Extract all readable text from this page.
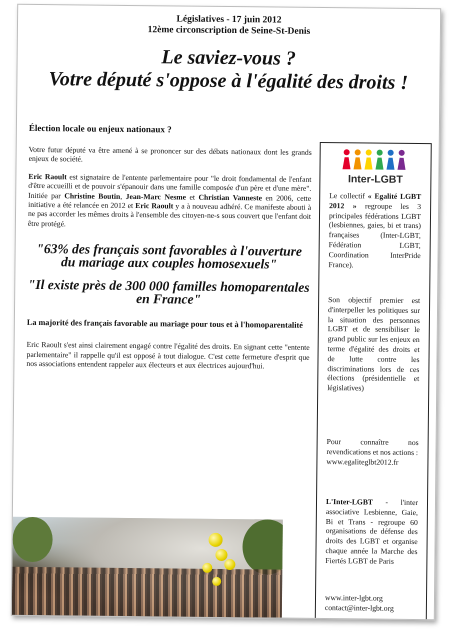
Législatives - 17 juin 2012
12ème circonscription de Seine-St-Denis
Le saviez-vous ?
Votre député s'oppose à l'égalité des droits !
Élection locale ou enjeux nationaux ?

Votre futur député va être amené à se prononcer sur des débats nationaux dont les grands enjeux de société.

Eric Raoult est signataire de l'entente parlementaire pour "le droit fondamental de l'enfant d'être accueilli et de pouvoir s'épanouir dans une famille composée d'un père et d'une mère". Initiée par Christine Boutin, Jean-Marc Nesme et Christian Vanneste en 2006, cette initiative a été relancée en 2012 et Eric Raoult y a à nouveau adhéré. Ce manifeste abouti à ne pas accorder les mêmes droits à l'ensemble des citoyen-ne-s sous couvert que l'enfant doit être protégé.

"63% des français sont favorables à l'ouverture du mariage aux couples homosexuels"
"Il existe près de 300 000 familles homoparentales en France"
La majorité des français favorable au mariage pour tous et à l'homoparentalité

Eric Raoult s'est ainsi clairement engagé contre l'égalité des droits. En signant cette "entente parlementaire" il rappelle qu'il est opposé à tout dialogue. C'est cette fermeture d'esprit que nos associations entendent rappeler aux électeurs et aux électrices aujourd'hui.

Inter-LGBT
Le collectif « Egalité LGBT 2012 » regroupe les 3 principales fédérations LGBT (lesbiennes, gaies, bi et trans) françaises (Inter-LGBT, Fédération LGBT, Coordination InterPride France).
Son objectif premier est d'interpeller les politiques sur la situation des personnes LGBT et de sensibiliser le grand public sur les enjeux en terme d'égalité des droits et de lutte contre les discriminations lors de ces élections (présidentielle et législatives)
Pour connaître nos revendications et nos actions :
www.egaliteglbt2012.fr
L'Inter-LGBT - l'inter associative Lesbienne, Gaie, Bi et Trans - regroupe 60 organisations de défense des droits des LGBT et organise chaque année la Marche des Fiertés LGBT de Paris
www.inter-lgbt.org
contact@inter-lgbt.org
